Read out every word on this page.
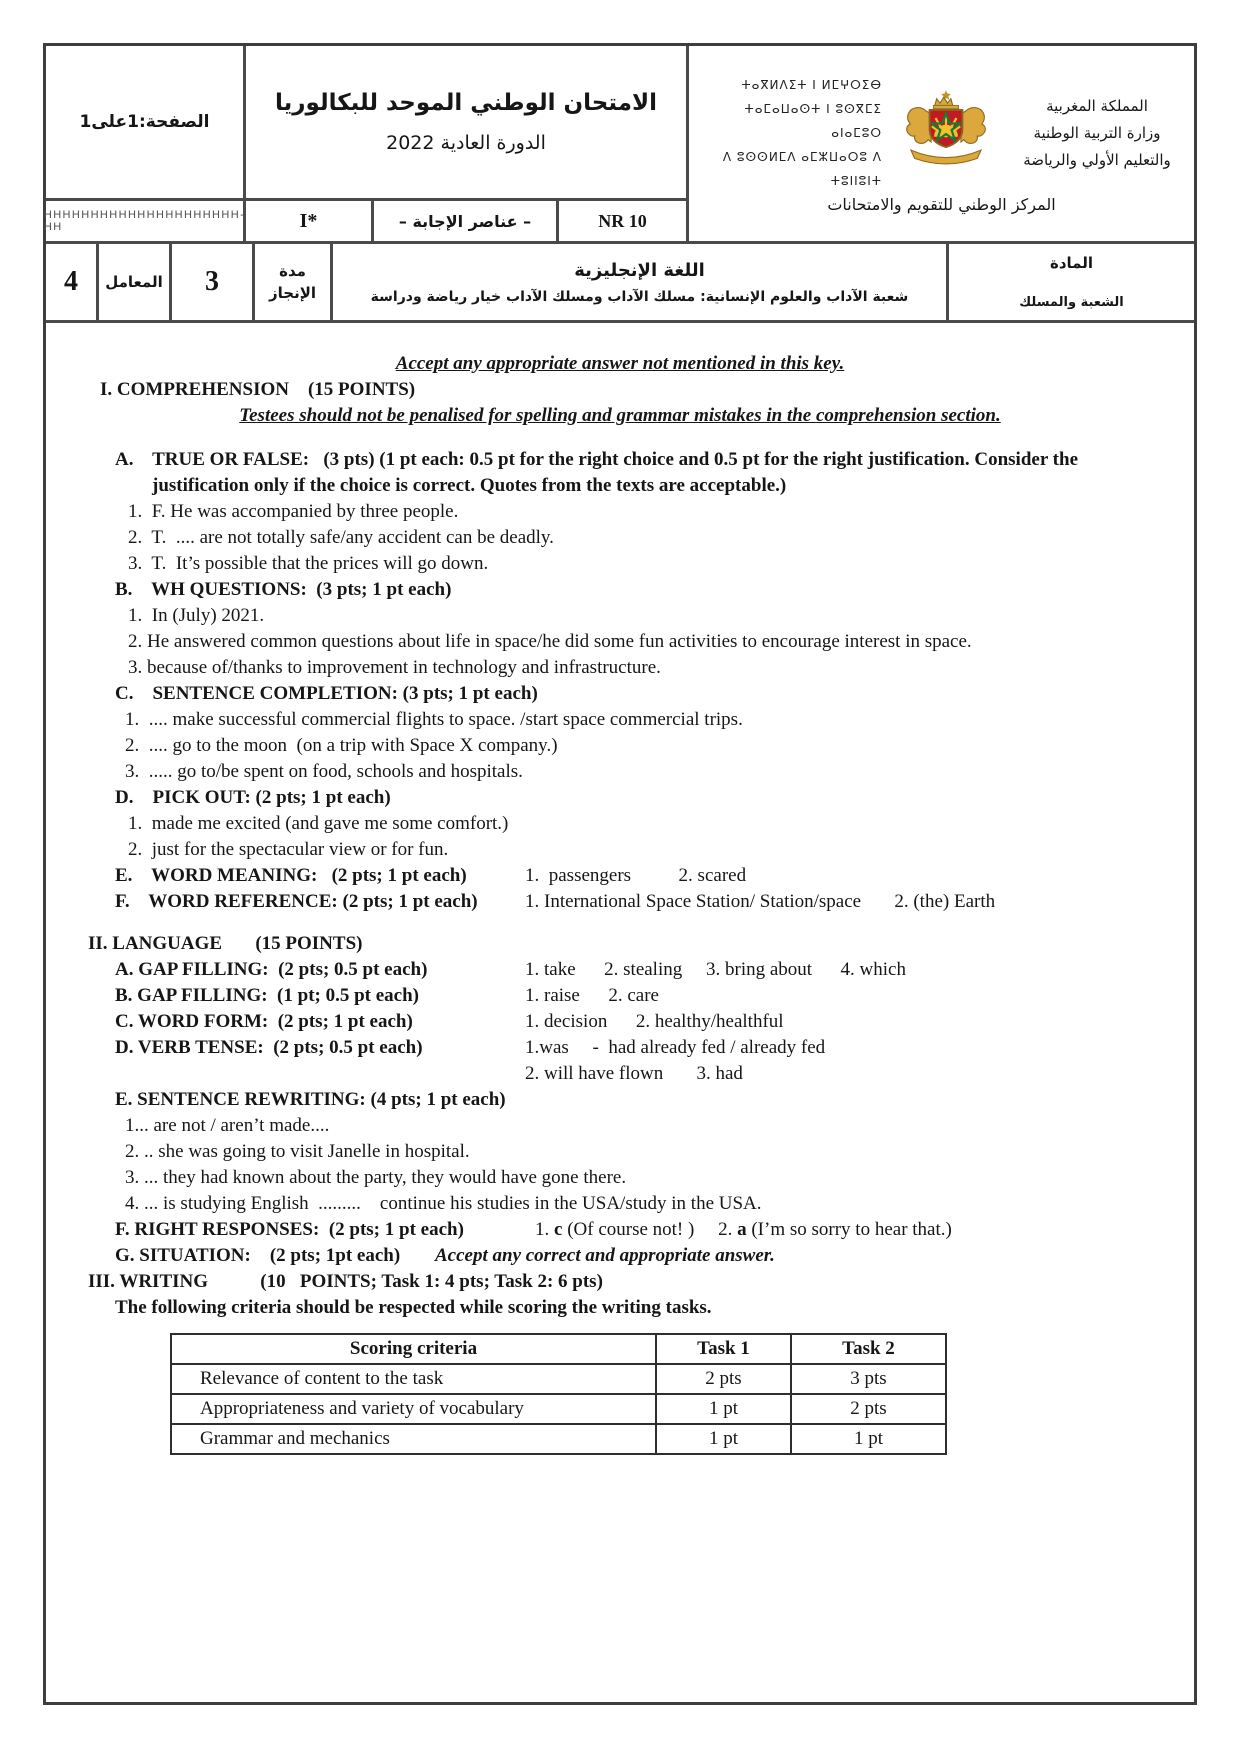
الصفحة:1على1
الامتحان الوطني الموحد للبكالوريا
الدورة العادية 2022
ⵜⴰⴳⵍⴷⵉⵜ ⵏ ⵍⵎⵖⵔⵉⴱ
ⵜⴰⵎⴰⵡⴰⵙⵜ ⵏ ⵓⵙⴳⵎⵉ ⴰⵏⴰⵎⵓⵔ
ⴷ ⵓⵙⵙⵍⵎⴷ ⴰⵎⵣⵡⴰⵔⵓ ⴷ ⵜⵓⵏⵏⵓⵏⵜ
المملكة المغربية
وزارة التربية الوطنية
والتعليم الأولي والرياضة
المركز الوطني للتقويم والامتحانات
HHHHHHHHHHHHHHHHHHHHH-HH	I*	– عناصر الإجابة –	NR 10
4	المعامل	3	مدة
الإنجاز
اللغة الإنجليزية
شعبة الآداب والعلوم الإنسانية: مسلك الآداب ومسلك الآداب خيار رياضة ودراسة
المادة
الشعبة والمسلك
Accept any appropriate answer not mentioned in this key.
I. COMPREHENSION    (15 POINTS)
Testees should not be penalised for spelling and grammar mistakes in the comprehension section.
A.    TRUE OR FALSE:   (3 pts) (1 pt each: 0.5 pt for the right choice and 0.5 pt for the right justification. Consider the justification only if the choice is correct. Quotes from the texts are acceptable.)
1.  F. He was accompanied by three people.
2.  T.  .... are not totally safe/any accident can be deadly.
3.  T.  It’s possible that the prices will go down.
B.    WH QUESTIONS:  (3 pts; 1 pt each)
1.  In (July) 2021.
2. He answered common questions about life in space/he did some fun activities to encourage interest in space.
3. because of/thanks to improvement in technology and infrastructure.
C.    SENTENCE COMPLETION: (3 pts; 1 pt each)
1.  .... make successful commercial flights to space. /start space commercial trips.
2.  .... go to the moon  (on a trip with Space X company.)
3.  ..... go to/be spent on food, schools and hospitals.
D.    PICK OUT: (2 pts; 1 pt each)
1.  made me excited (and gave me some comfort.)
2.  just for the spectacular view or for fun.
E.    WORD MEANING:   (2 pts; 1 pt each)	1.  passengers          2. scared
F.    WORD REFERENCE: (2 pts; 1 pt each) 1. International Space Station/ Station/space       2. (the) Earth
II. LANGUAGE       (15 POINTS)
A. GAP FILLING:  (2 pts; 0.5 pt each)	1. take      2. stealing     3. bring about      4. which
B. GAP FILLING:  (1 pt; 0.5 pt each)	1. raise      2. care
C. WORD FORM:  (2 pts; 1 pt each)	1. decision      2. healthy/healthful
D. VERB TENSE:  (2 pts; 0.5 pt each)	1.was     -  had already fed / already fed
2. will have flown       3. had
E. SENTENCE REWRITING: (4 pts; 1 pt each)
1... are not / aren’t made....
2. .. she was going to visit Janelle in hospital.
3. ... they had known about the party, they would have gone there.
4. ... is studying English  .........    continue his studies in the USA/study in the USA.
F. RIGHT RESPONSES:  (2 pts; 1 pt each)	1. c (Of course not! )     2. a (I’m so sorry to hear that.)
G. SITUATION:    (2 pts; 1pt each) Accept any correct and appropriate answer.
III. WRITING           (10   POINTS; Task 1: 4 pts; Task 2: 6 pts)
The following criteria should be respected while scoring the writing tasks.
Scoring criteria	Task 1	Task 2
Relevance of content to the task	2 pts	3 pts
Appropriateness and variety of vocabulary	1 pt	2 pts
Grammar and mechanics	1 pt	1 pt
